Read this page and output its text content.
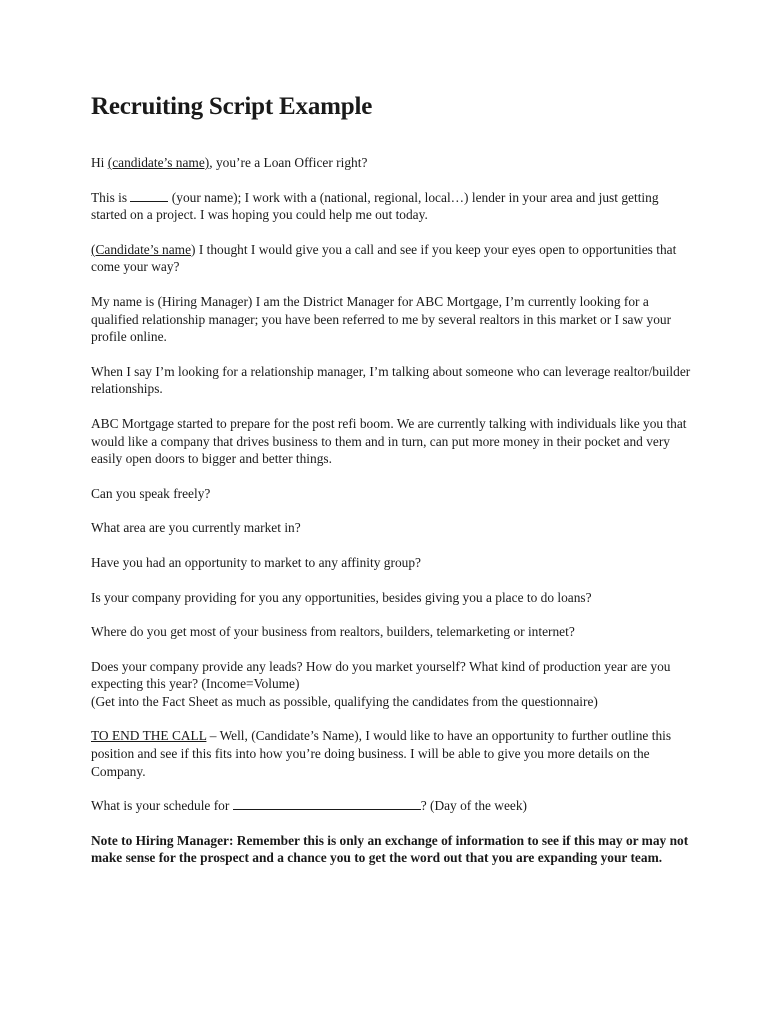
Recruiting Script Example

Hi (candidate’s name), you’re a Loan Officer right?

This is	(your name); I work with a (national, regional, local…) lender in your area and just getting started on a project. I was hoping you could help me out today.

(Candidate’s name) I thought I would give you a call and see if you keep your eyes open to opportunities that come your way?

My name is (Hiring Manager) I am the District Manager for ABC Mortgage, I’m currently looking for a qualified relationship manager; you have been referred to me by several realtors in this market or I saw your profile online.

When I say I’m looking for a relationship manager, I’m talking about someone who can leverage realtor/builder relationships.

ABC Mortgage started to prepare for the post refi boom. We are currently talking with individuals like you that would like a company that drives business to them and in turn, can put more money in their pocket and very easily open doors to bigger and better things.

Can you speak freely?

What area are you currently market in?

Have you had an opportunity to market to any affinity group?

Is your company providing for you any opportunities, besides giving you a place to do loans?

Where do you get most of your business from realtors, builders, telemarketing or internet?

Does your company provide any leads? How do you market yourself? What kind of production year are you expecting this year? (Income=Volume)
(Get into the Fact Sheet as much as possible, qualifying the candidates from the questionnaire)

TO END THE CALL – Well, (Candidate’s Name), I would like to have an opportunity to further outline this position and see if this fits into how you’re doing business. I will be able to give you more details on the Company.

What is your schedule for	? (Day of the week)

Note to Hiring Manager: Remember this is only an exchange of information to see if this may or may not make sense for the prospect and a chance you to get the word out that you are expanding your team.
